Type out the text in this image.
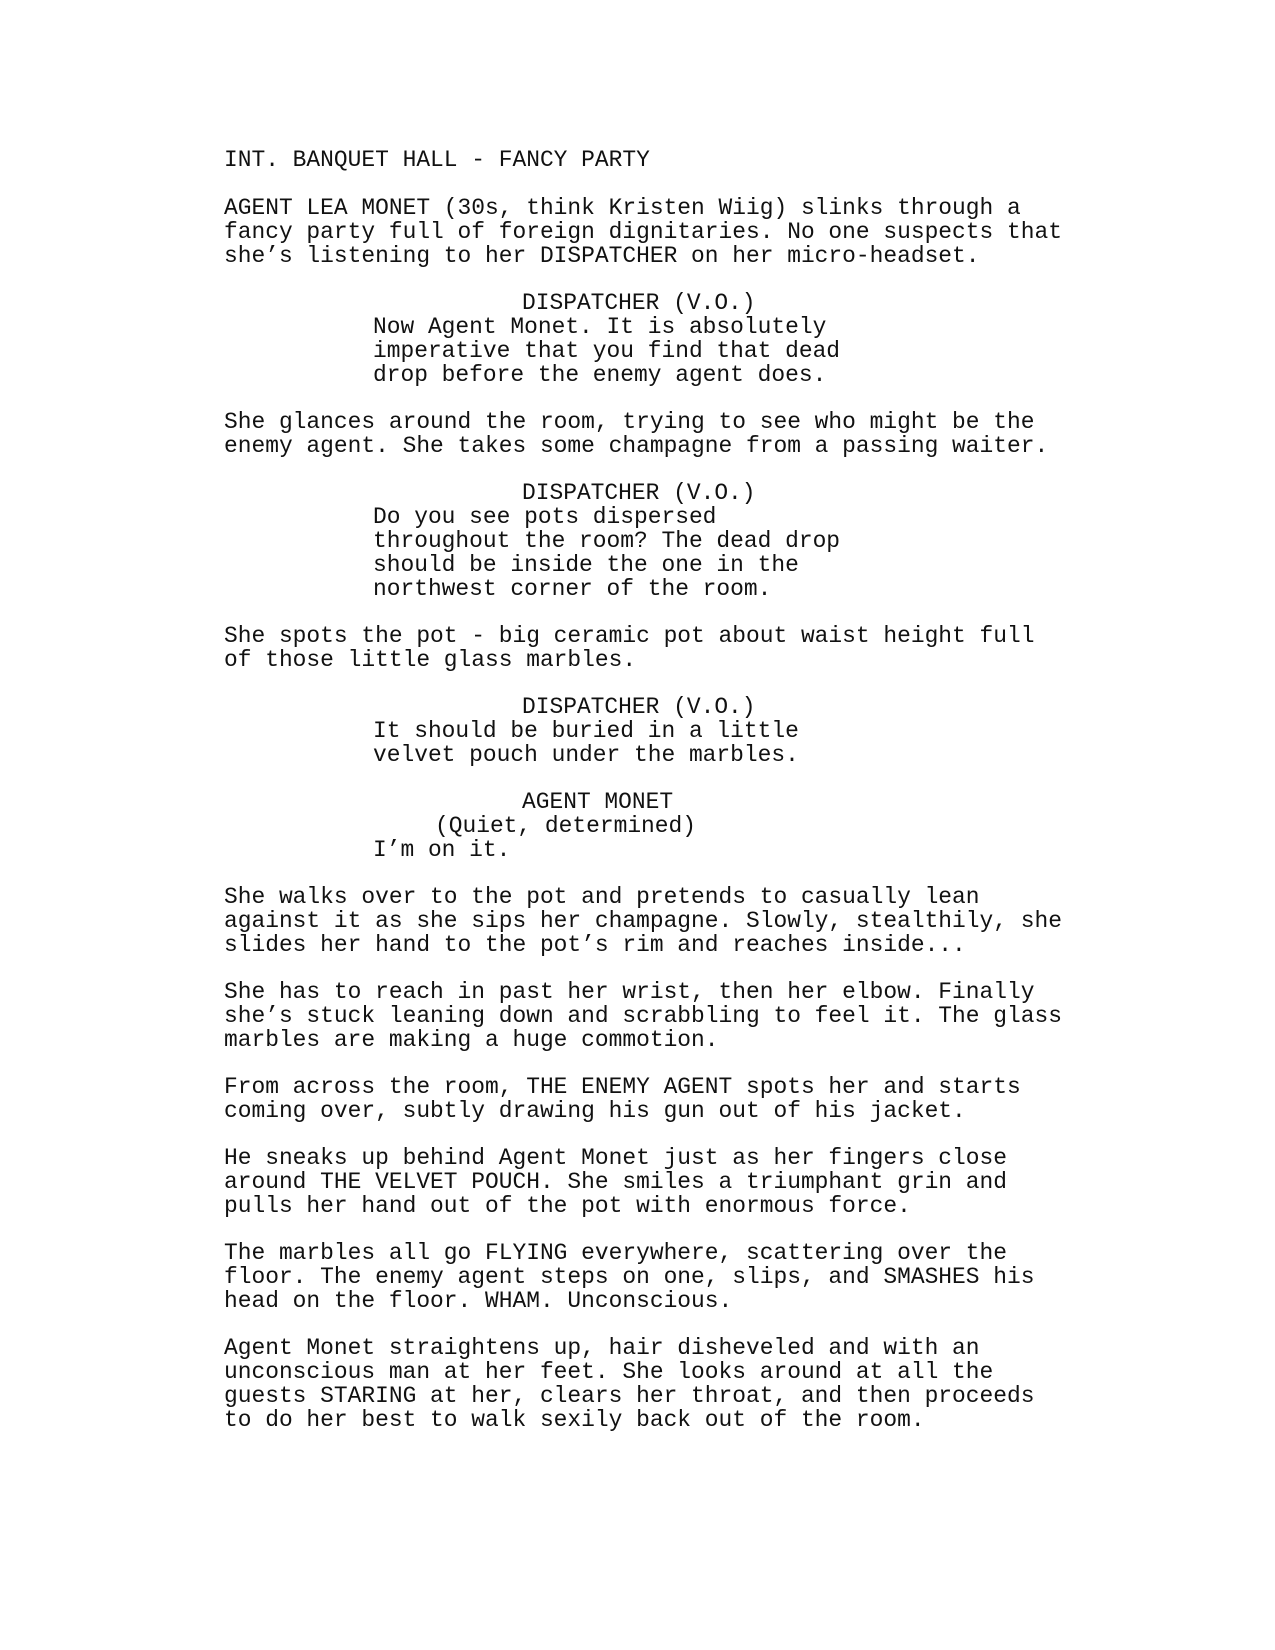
INT. BANQUET HALL - FANCY PARTY

AGENT LEA MONET (30s, think Kristen Wiig) slinks through a

fancy party full of foreign dignitaries. No one suspects that

she’s listening to her DISPATCHER on her micro-headset.

DISPATCHER (V.O.)

Now Agent Monet. It is absolutely

imperative that you find that dead

drop before the enemy agent does.

She glances around the room, trying to see who might be the

enemy agent. She takes some champagne from a passing waiter.

DISPATCHER (V.O.)

Do you see pots dispersed

throughout the room? The dead drop

should be inside the one in the

northwest corner of the room.

She spots the pot - big ceramic pot about waist height full

of those little glass marbles.

DISPATCHER (V.O.)

It should be buried in a little

velvet pouch under the marbles.

AGENT MONET

(Quiet, determined)

I’m on it.

She walks over to the pot and pretends to casually lean

against it as she sips her champagne. Slowly, stealthily, she

slides her hand to the pot’s rim and reaches inside...

She has to reach in past her wrist, then her elbow. Finally

she’s stuck leaning down and scrabbling to feel it. The glass

marbles are making a huge commotion.

From across the room, THE ENEMY AGENT spots her and starts

coming over, subtly drawing his gun out of his jacket.

He sneaks up behind Agent Monet just as her fingers close

around THE VELVET POUCH. She smiles a triumphant grin and

pulls her hand out of the pot with enormous force.

The marbles all go FLYING everywhere, scattering over the

floor. The enemy agent steps on one, slips, and SMASHES his

head on the floor. WHAM. Unconscious.

Agent Monet straightens up, hair disheveled and with an

unconscious man at her feet. She looks around at all the

guests STARING at her, clears her throat, and then proceeds

to do her best to walk sexily back out of the room.
